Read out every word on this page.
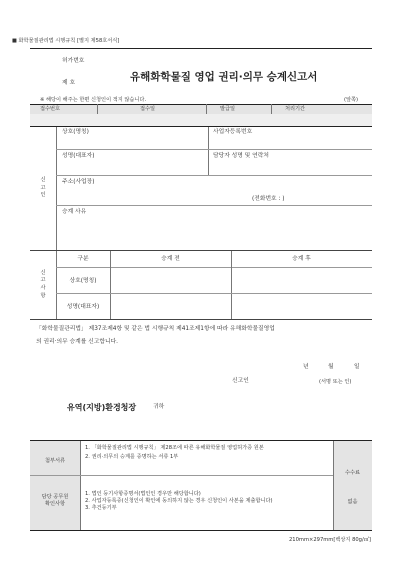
■ 화학물질관리법 시행규칙 [별지 제58호서식]
허가번호
제 호	유해화학물질 영업 권리·의무 승계신고서
※ 해당이 해주는 한편 신청인이 적지 않습니다.	(앞쪽)
접수번호	접수일	발급일	처리기간
신
고
인
상호(명칭)	사업자등록번호
성명(대표자)	담당자 성명 및 연락처
주소(사업장)
(전화번호 : )
승계 사유
신
고
사
항
구분	승계 전	승계 후
상호(명칭)
성명(대표자)
「화학물질관리법」 제37조제4항 및 같은 법 시행규칙 제41조제1항에 따라 유해화학물질영업
의 권리·의무 승계를 신고합니다.
년	월	일
신고인	(서명 또는 인)
유역(지방)환경청장	귀하
첨부서류
1. 「화학물질관리법 시행규칙」 제28조에 따른 유해화학물질 영업허가증 원본
2. 권리·의무의 승계를 증명하는 서류 1부
수수료
담당 공무원
확인사항
1. 법인 등기사항증명서(법인인 경우만 해당합니다)
2. 사업자등록증(신청인이 확인에 동의하지 않는 경우 신청인이 사본을 제출합니다)
3. 추건등기부
없음
210mm×297mm[백상지 80g/㎡]
